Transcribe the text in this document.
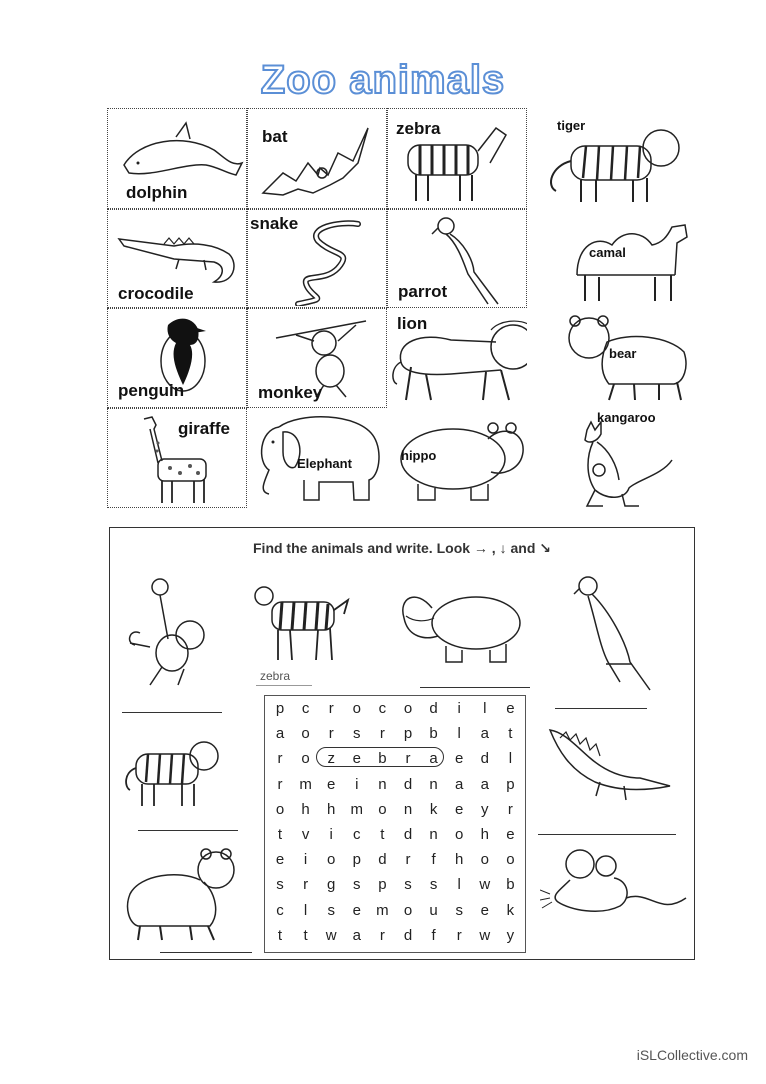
Zoo animals
dolphin
bat	zebra	tiger
crocodile
snake
parrot
camal
penguin	monkey
lion
bear
giraffe
Elephant
hippo
kangaroo
Find the animals and write. Look → , ↓ and ↘
zebra
p	c	r	o	c	o	d	i	l	e
a	o	r	s	r	p	b	l	a	t
r	o	z	e	b	r	a	e	d	l
r	m	e	i	n	d	n	a	a	p
o	h	h	m	o	n	k	e	y	r
t	v	i	c	t	d	n	o	h	e
e	i	o	p	d	r	f	h	o	o
s	r	g	s	p	s	s	l	w	b
c	l	s	e	m	o	u	s	e	k
t	t	w	a	r	d	f	r	w	y
iSLCollective.com
